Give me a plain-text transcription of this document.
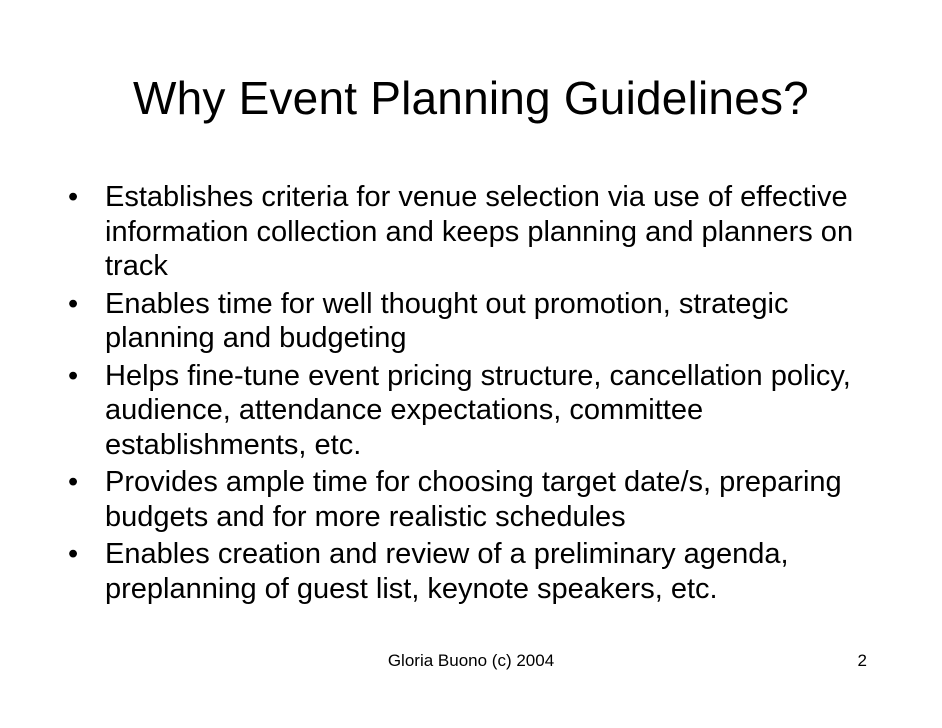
Why Event Planning Guidelines?
• Establishes criteria for venue selection via use of effective information collection and keeps planning and planners on track
• Enables time for well thought out promotion, strategic planning and budgeting
• Helps fine-tune event pricing structure, cancellation policy, audience, attendance expectations, committee establishments, etc.
• Provides ample time for choosing target date/s, preparing budgets and for more realistic schedules
• Enables creation and review of a preliminary agenda, preplanning of guest list, keynote speakers, etc.
Gloria Buono (c) 2004	2
